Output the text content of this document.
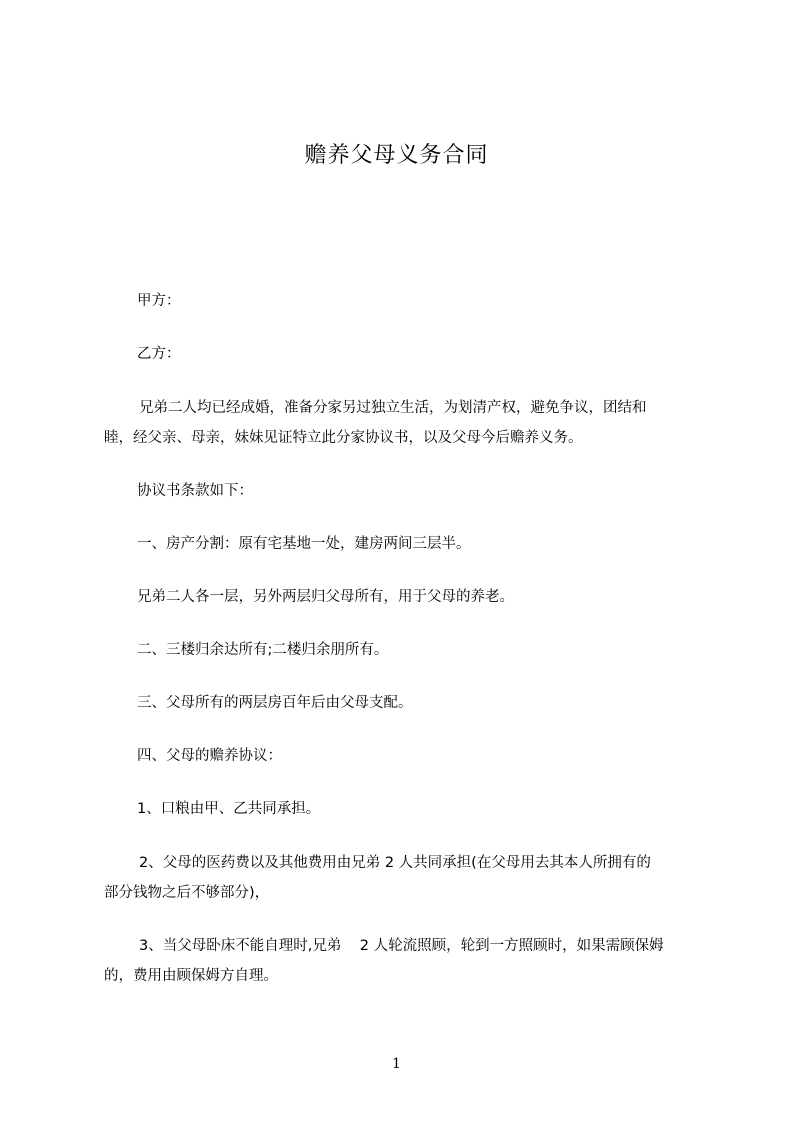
赡养父母义务合同
甲方：
乙方：
兄弟二人均已经成婚，准备分家另过独立生活，为划清产权，避免争议，团结和
睦，经父亲、母亲，妹妹见证特立此分家协议书，以及父母今后赡养义务。
协议书条款如下：
一、房产分割：原有宅基地一处，建房两间三层半。
兄弟二人各一层，另外两层归父母所有，用于父母的养老。
二、三楼归余达所有;二楼归余朋所有。
三、父母所有的两层房百年后由父母支配。
四、父母的赡养协议：
1、口粮由甲、乙共同承担。
2、父母的医药费以及其他费用由兄弟 2 人共同承担(在父母用去其本人所拥有的
部分钱物之后不够部分)，
3、当父母卧床不能自理时,兄弟    2 人轮流照顾，轮到一方照顾时，如果需顾保姆
的，费用由顾保姆方自理。
1
